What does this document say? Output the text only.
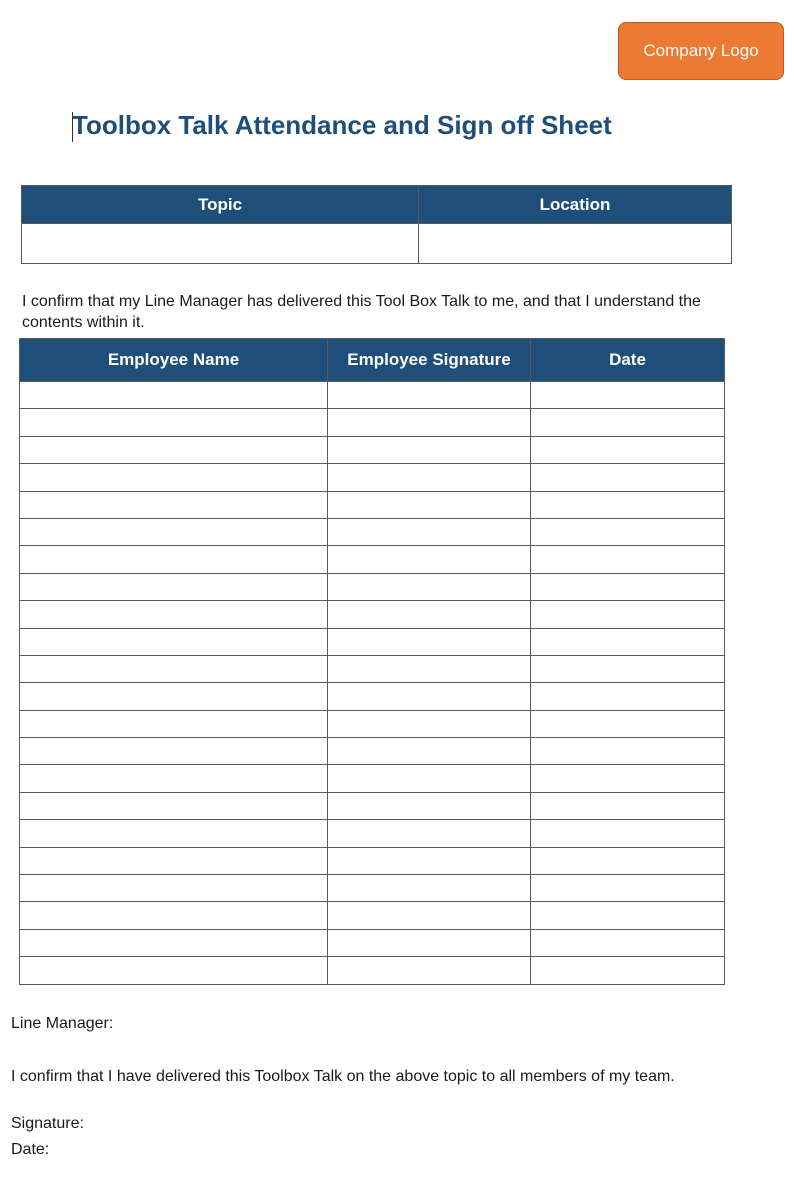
Company Logo
Toolbox Talk Attendance and Sign off Sheet
Topic	Location

I confirm that my Line Manager has delivered this Tool Box Talk to me, and that I understand the contents within it.

Employee Name	Employee Signature	Date

Line Manager:

I confirm that I have delivered this Toolbox Talk on the above topic to all members of my team.

Signature:

Date:
